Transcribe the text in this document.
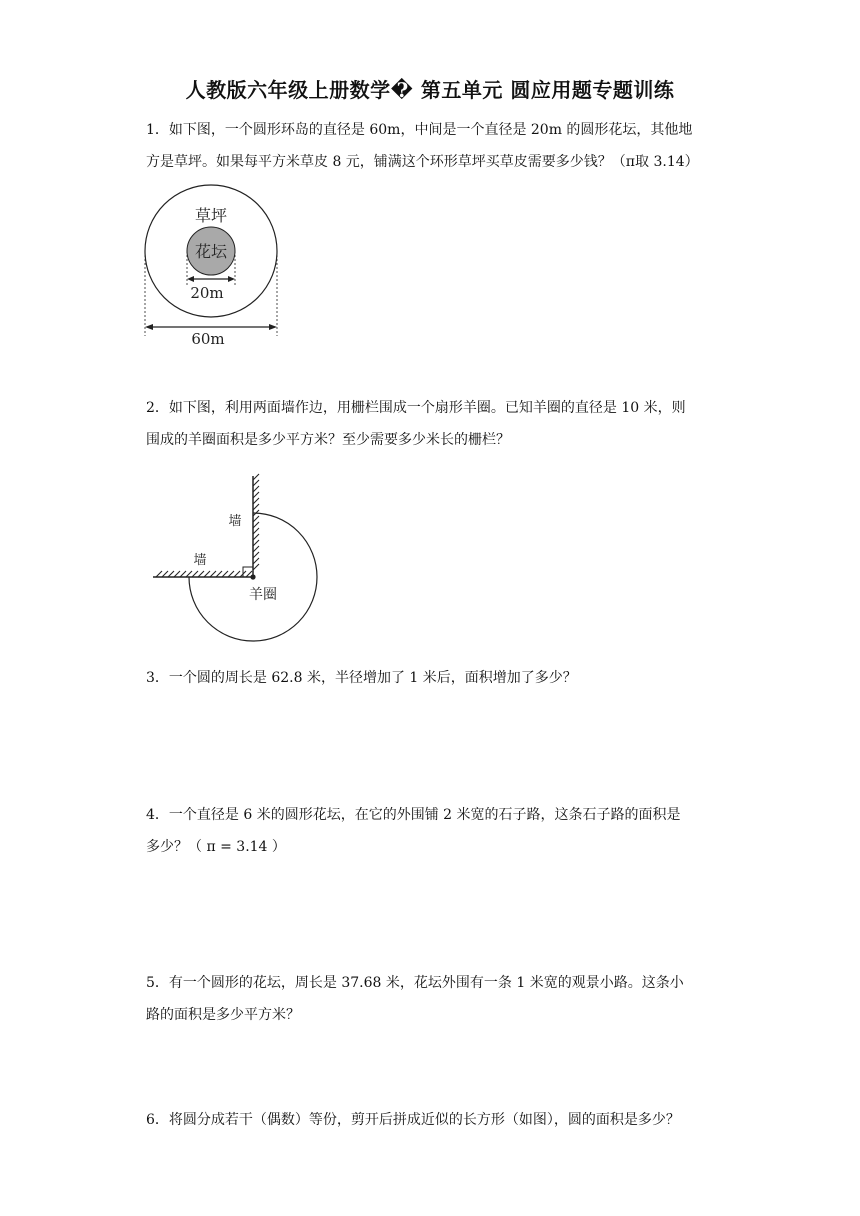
人教版六年级上册数学� 第五单元 圆应用题专题训练
1．如下图，一个圆形环岛的直径是 60m，中间是一个直径是 20m 的圆形花坛，其他地
方是草坪。如果每平方米草皮 8 元，铺满这个环形草坪买草皮需要多少钱？（π取 3.14）
草坪
花坛
20m
60m
2．如下图，利用两面墙作边，用栅栏围成一个扇形羊圈。已知羊圈的直径是 10 米，则
围成的羊圈面积是多少平方米？至少需要多少米长的栅栏？
墙
墙
羊圈
3．一个圆的周长是 62.8 米，半径增加了 1 米后，面积增加了多少？
4．一个直径是 6 米的圆形花坛，在它的外围铺 2 米宽的石子路，这条石子路的面积是
多少？（ π = 3.14 ）
5．有一个圆形的花坛，周长是 37.68 米，花坛外围有一条 1 米宽的观景小路。这条小
路的面积是多少平方米？
6．将圆分成若干（偶数）等份，剪开后拼成近似的长方形（如图），圆的面积是多少？
